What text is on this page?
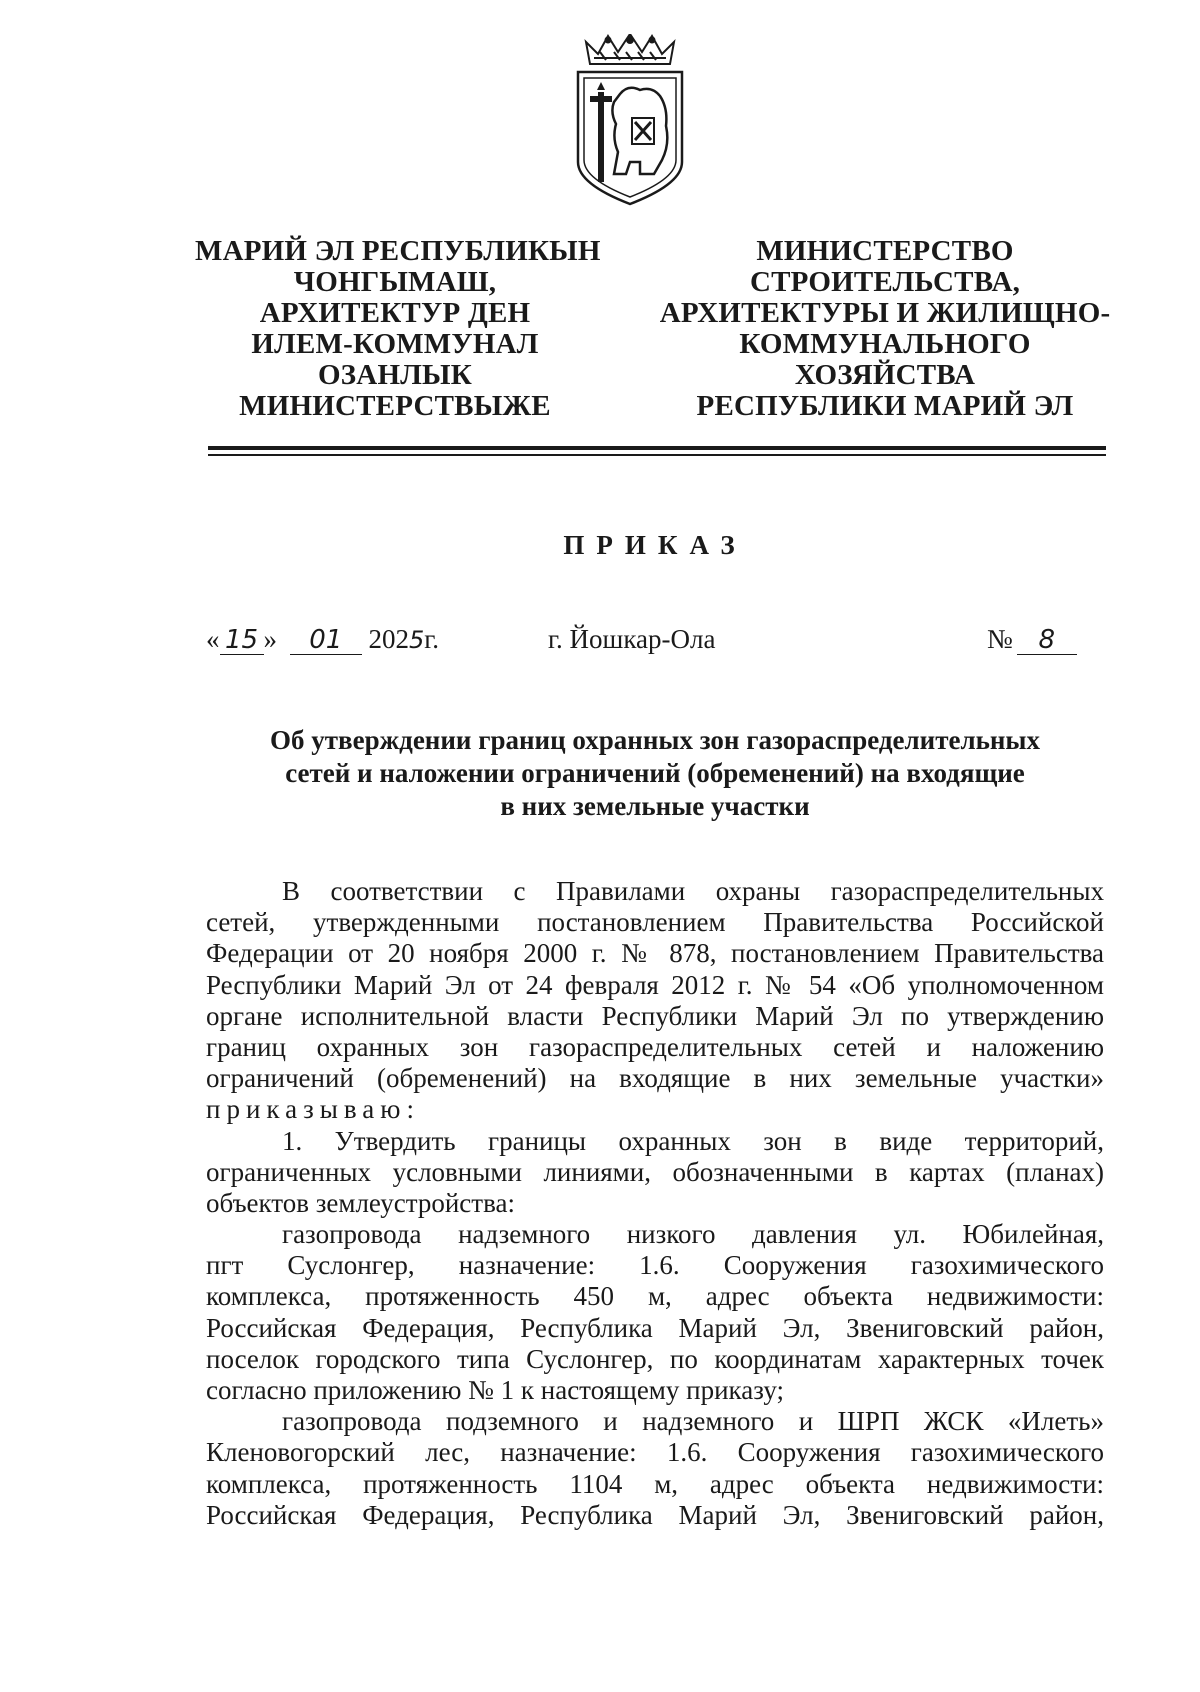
МАРИЙ ЭЛ РЕСПУБЛИКЫН
ЧОНГЫМАШ,
АРХИТЕКТУР ДЕН
ИЛЕМ-КОММУНАЛ
ОЗАНЛЫК
МИНИСТЕРСТВЫЖЕ
МИНИСТЕРСТВО
СТРОИТЕЛЬСТВА,
АРХИТЕКТУРЫ И ЖИЛИЩНО-
КОММУНАЛЬНОГО
ХОЗЯЙСТВА
РЕСПУБЛИКИ МАРИЙ ЭЛ
ПРИКАЗ
« 15 » 01 2025г.	г. Йошкар-Ола	№ 8
Об утверждении границ охранных зон газораспределительных
сетей и наложении ограничений (обременений) на входящие
в них земельные участки
В соответствии с Правилами охраны газораспределительных
сетей, утвержденными постановлением Правительства Российской
Федерации от 20 ноября 2000 г. № 878, постановлением Правительства
Республики Марий Эл от 24 февраля 2012 г. № 54 «Об уполномоченном
органе исполнительной власти Республики Марий Эл по утверждению
границ охранных зон газораспределительных сетей и наложению
ограничений (обременений) на входящие в них земельные участки»
приказываю:
1. Утвердить границы охранных зон в виде территорий,
ограниченных условными линиями, обозначенными в картах (планах)
объектов землеустройства:
газопровода надземного низкого давления ул. Юбилейная,
пгт Суслонгер, назначение: 1.6. Сооружения газохимического
комплекса, протяженность 450 м, адрес объекта недвижимости:
Российская Федерация, Республика Марий Эл, Звениговский район,
поселок городского типа Суслонгер, по координатам характерных точек
согласно приложению № 1 к настоящему приказу;
газопровода подземного и надземного и ШРП ЖСК «Илеть»
Кленовогорский лес, назначение: 1.6. Сооружения газохимического
комплекса, протяженность 1104 м, адрес объекта недвижимости:
Российская Федерация, Республика Марий Эл, Звениговский район,
